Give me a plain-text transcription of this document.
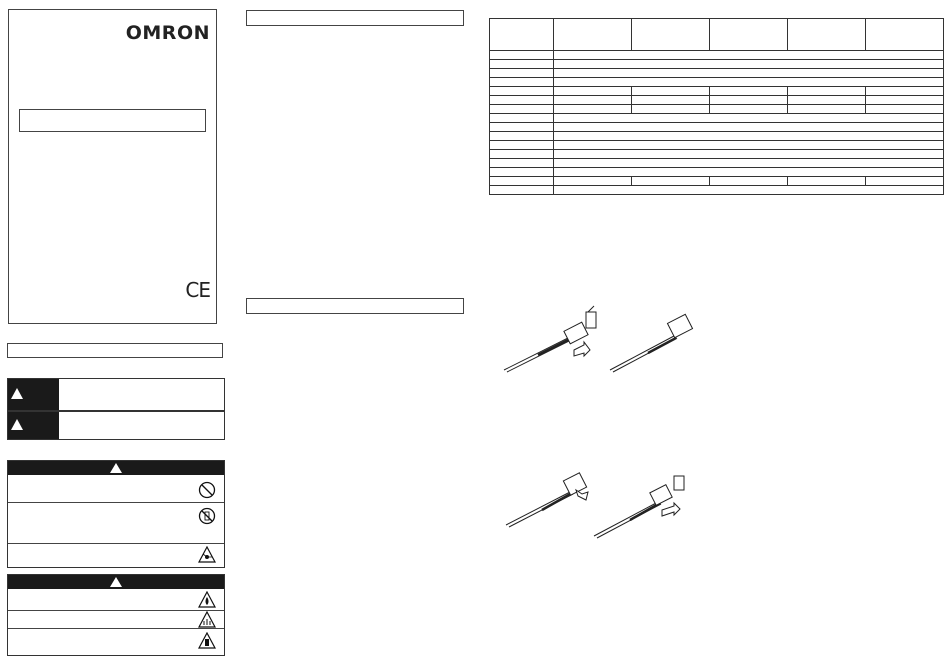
OMRON
CE
